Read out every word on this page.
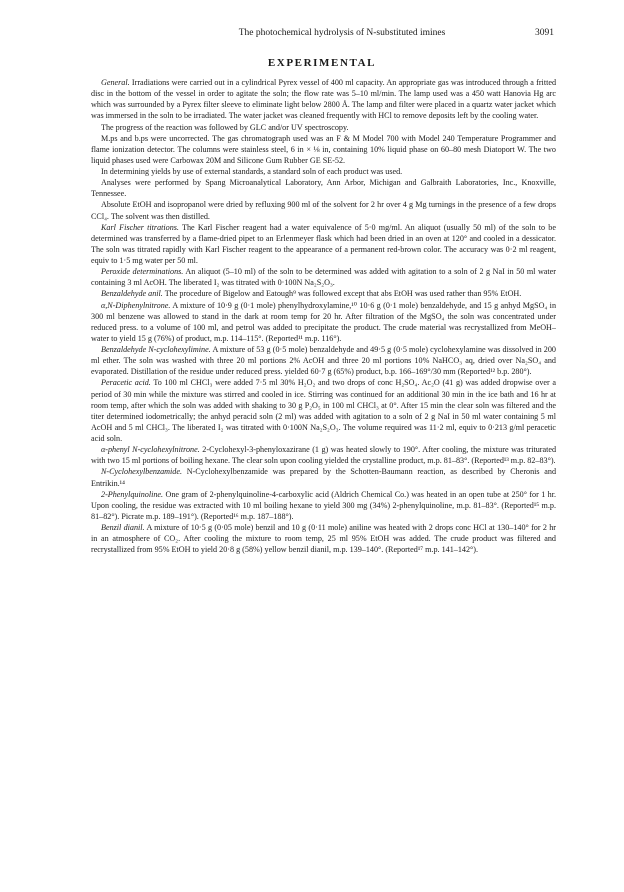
The photochemical hydrolysis of N-substituted imines	3091
EXPERIMENTAL

General. Irradiations were carried out in a cylindrical Pyrex vessel of 400 ml capacity. An appropriate gas was introduced through a fritted disc in the bottom of the vessel in order to agitate the soln; the flow rate was 5–10 ml/min. The lamp used was a 450 watt Hanovia Hg arc which was surrounded by a Pyrex filter sleeve to eliminate light below 2800 Å. The lamp and filter were placed in a quartz water jacket which was immersed in the soln to be irradiated. The water jacket was cleaned frequently with HCl to remove deposits left by the cooling water.

The progress of the reaction was followed by GLC and/or UV spectroscopy.

M.ps and b.ps were uncorrected. The gas chromatograph used was an F & M Model 700 with Model 240 Temperature Programmer and flame ionization detector. The columns were stainless steel, 6 in × ⅛ in, containing 10% liquid phase on 60–80 mesh Diatoport W. The two liquid phases used were Carbowax 20M and Silicone Gum Rubber GE SE-52.

In determining yields by use of external standards, a standard soln of each product was used.

Analyses were performed by Spang Microanalytical Laboratory, Ann Arbor, Michigan and Galbraith Laboratories, Inc., Knoxville, Tennessee.

Absolute EtOH and isopropanol were dried by refluxing 900 ml of the solvent for 2 hr over 4 g Mg turnings in the presence of a few drops CCl₄. The solvent was then distilled.

Karl Fischer titrations. The Karl Fischer reagent had a water equivalence of 5·0 mg/ml. An aliquot (usually 50 ml) of the soln to be determined was transferred by a flame-dried pipet to an Erlenmeyer flask which had been dried in an oven at 120° and cooled in a dessicator. The soln was titrated rapidly with Karl Fischer reagent to the appearance of a permanent red-brown color. The accuracy was 0·2 ml reagent, equiv to 1·5 mg water per 50 ml.

Peroxide determinations. An aliquot (5–10 ml) of the soln to be determined was added with agitation to a soln of 2 g NaI in 50 ml water containing 3 ml AcOH. The liberated I₂ was titrated with 0·100N Na₂S₂O₃.

Benzaldehyde anil. The procedure of Bigelow and Eatough⁹ was followed except that abs EtOH was used rather than 95% EtOH.

α,N-Diphenylnitrone. A mixture of 10·9 g (0·1 mole) phenylhydroxylamine,¹⁰ 10·6 g (0·1 mole) benzaldehyde, and 15 g anhyd MgSO₄ in 300 ml benzene was allowed to stand in the dark at room temp for 20 hr. After filtration of the MgSO₄ the soln was concentrated under reduced press. to a volume of 100 ml, and petrol was added to precipitate the product. The crude material was recrystallized from MeOH–water to yield 15 g (76%) of product, m.p. 114–115°. (Reported¹¹ m.p. 116°).

Benzaldehyde N-cyclohexylimine. A mixture of 53 g (0·5 mole) benzaldehyde and 49·5 g (0·5 mole) cyclohexylamine was dissolved in 200 ml ether. The soln was washed with three 20 ml portions 2% AcOH and three 20 ml portions 10% NaHCO₃ aq, dried over Na₂SO₄ and evaporated. Distillation of the residue under reduced press. yielded 60·7 g (65%) product, b.p. 166–169°/30 mm (Reported¹² b.p. 280°).

Peracetic acid. To 100 ml CHCl₃ were added 7·5 ml 30% H₂O₂ and two drops of conc H₂SO₄. Ac₂O (41 g) was added dropwise over a period of 30 min while the mixture was stirred and cooled in ice. Stirring was continued for an additional 30 min in the ice bath and 16 hr at room temp, after which the soln was added with shaking to 30 g P₂O₅ in 100 ml CHCl₃ at 0°. After 15 min the clear soln was filtered and the titer determined iodometrically; the anhyd peracid soln (2 ml) was added with agitation to a soln of 2 g NaI in 50 ml water containing 5 ml AcOH and 5 ml CHCl₃. The liberated I₂ was titrated with 0·100N Na₂S₂O₃. The volume required was 11·2 ml, equiv to 0·213 g/ml peracetic acid soln.

α-phenyl N-cyclohexylnitrone. 2-Cyclohexyl-3-phenyloxazirane (1 g) was heated slowly to 190°. After cooling, the mixture was triturated with two 15 ml portions of boiling hexane. The clear soln upon cooling yielded the crystalline product, m.p. 81–83°. (Reported¹³ m.p. 82–83°).

N-Cyclohexylbenzamide. N-Cyclohexylbenzamide was prepared by the Schotten-Baumann reaction, as described by Cheronis and Entrikin.¹⁴

2-Phenylquinoline. One gram of 2-phenylquinoline-4-carboxylic acid (Aldrich Chemical Co.) was heated in an open tube at 250° for 1 hr. Upon cooling, the residue was extracted with 10 ml boiling hexane to yield 300 mg (34%) 2-phenylquinoline, m.p. 81–83°. (Reported¹⁵ m.p. 81–82°). Picrate m.p. 189–191°). (Reported¹⁶ m.p. 187–188°).

Benzil dianil. A mixture of 10·5 g (0·05 mole) benzil and 10 g (0·11 mole) aniline was heated with 2 drops conc HCl at 130–140° for 2 hr in an atmosphere of CO₂. After cooling the mixture to room temp, 25 ml 95% EtOH was added. The crude product was filtered and recrystallized from 95% EtOH to yield 20·8 g (58%) yellow benzil dianil, m.p. 139–140°. (Reported¹⁷ m.p. 141–142°).
